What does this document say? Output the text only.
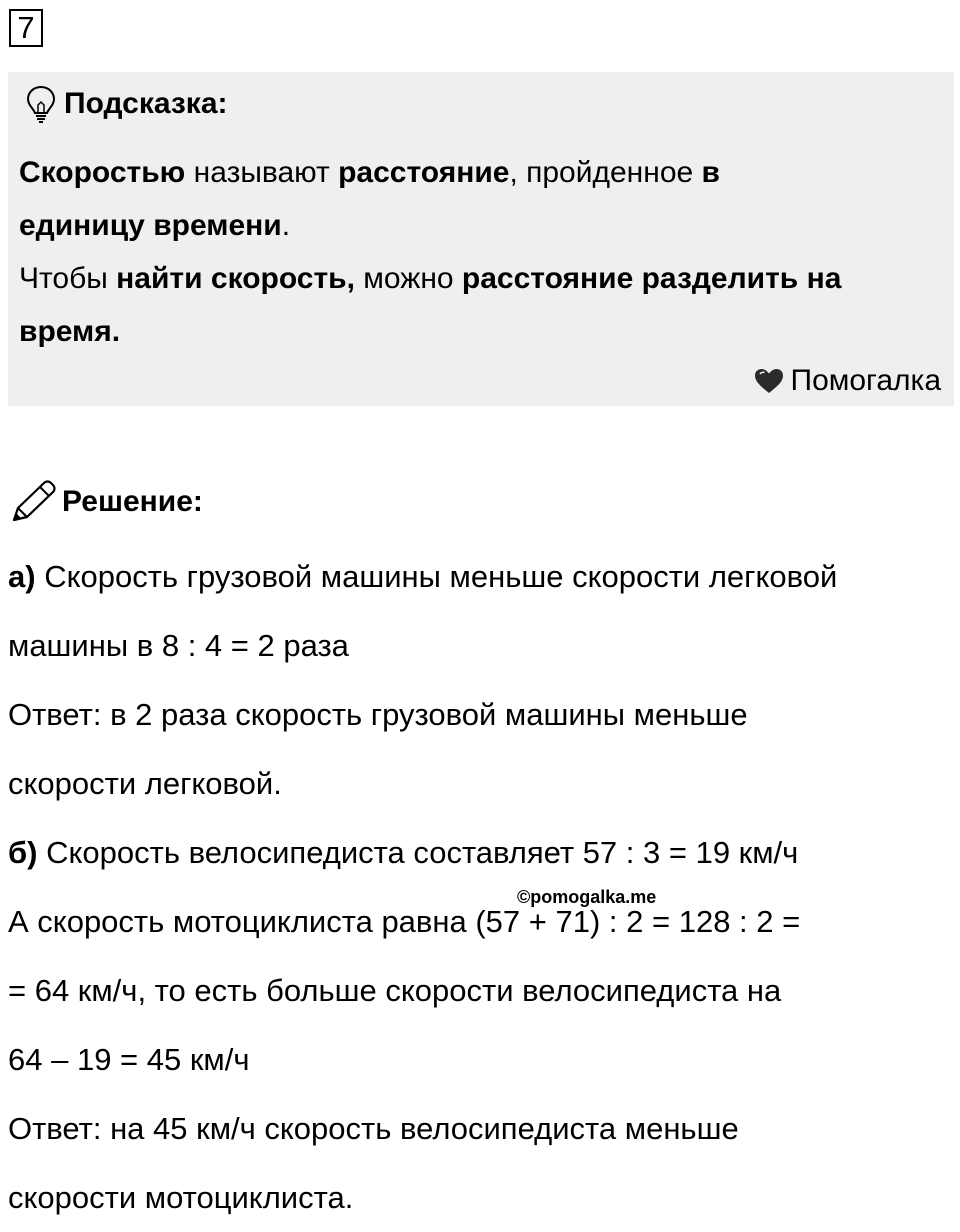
7
Подсказка:
Скоростью называют расстояние, пройденное в
единицу времени.
Чтобы найти скорость, можно расстояние разделить на
время.
Помогалка
Решение:

а) Скорость грузовой машины меньше скорости легковой

машины в 8 : 4 = 2 раза

Ответ: в 2 раза скорость грузовой машины меньше

скорости легковой.

б) Скорость велосипедиста составляет 57 : 3 = 19 км/ч

А скорость мотоциклиста равна (57 + 71) : 2 = 128 : 2 =

= 64 км/ч, то есть больше скорости велосипедиста на

64 – 19 = 45 км/ч

Ответ: на 45 км/ч скорость велосипедиста меньше

скорости мотоциклиста.

©pomogalka.me
